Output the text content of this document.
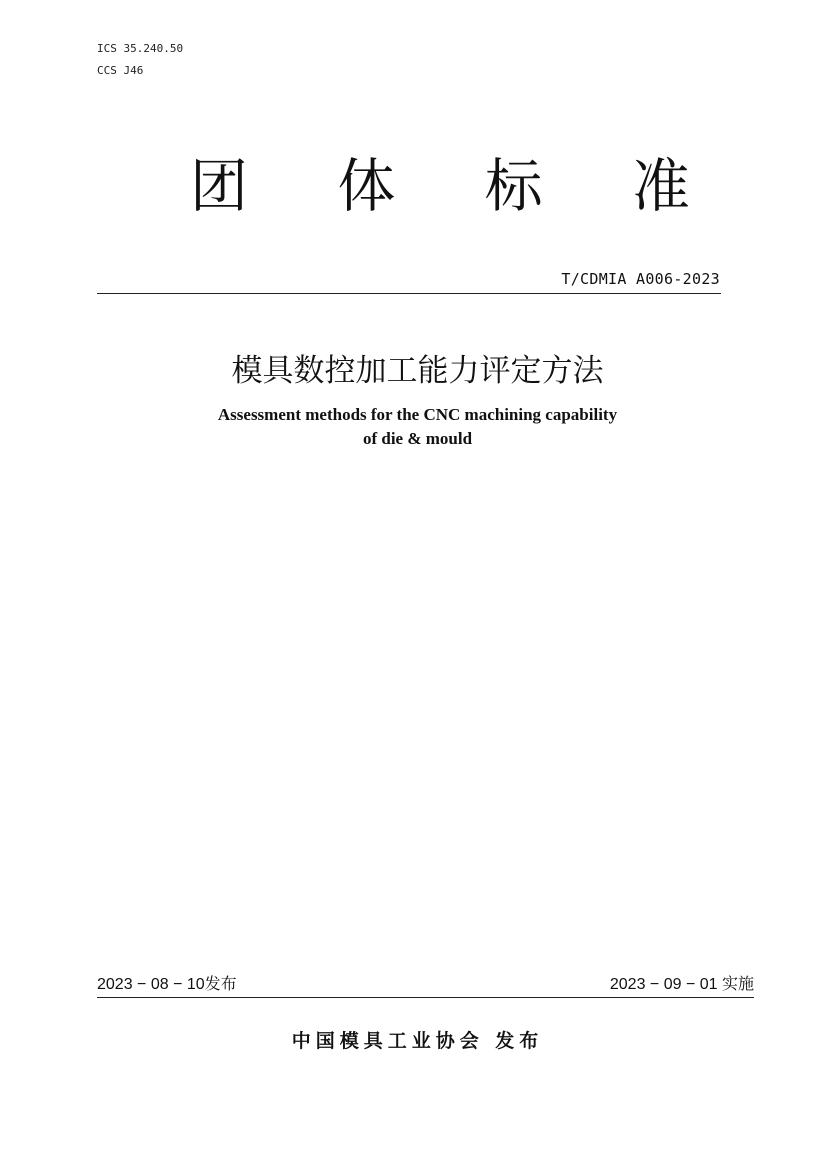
ICS 35.240.50
CCS J46
团 体 标 准
T/CDMIA A006-2023
模具数控加工能力评定方法
Assessment methods for the CNC machining capability
of die & mould
2023 − 08 − 10发布	2023 − 09 − 01 实施
中国模具工业协会 发布
